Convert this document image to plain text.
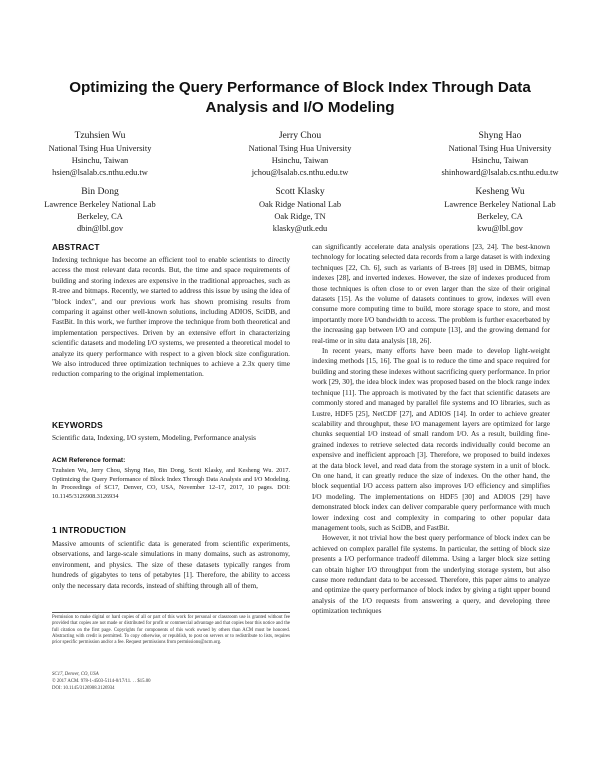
Optimizing the Query Performance of Block Index Through Data Analysis and I/O Modeling
Tzuhsien Wu
National Tsing Hua University
Hsinchu, Taiwan
hsien@lsalab.cs.nthu.edu.tw
Jerry Chou
National Tsing Hua University
Hsinchu, Taiwan
jchou@lsalab.cs.nthu.edu.tw
Shyng Hao
National Tsing Hua University
Hsinchu, Taiwan
shinhoward@lsalab.cs.nthu.edu.tw
Bin Dong
Lawrence Berkeley National Lab
Berkeley, CA
dbin@lbl.gov
Scott Klasky
Oak Ridge National Lab
Oak Ridge, TN
klasky@utk.edu
Kesheng Wu
Lawrence Berkeley National Lab
Berkeley, CA
kwu@lbl.gov
ABSTRACT
Indexing technique has become an efficient tool to enable scientists to directly access the most relevant data records. But, the time and space requirements of building and storing indexes are expensive in the traditional approaches, such as R-tree and bitmaps. Recently, we started to address this issue by using the idea of "block index", and our previous work has shown promising results from comparing it against other well-known solutions, including ADIOS, SciDB, and FastBit. In this work, we further improve the technique from both theoretical and implementation perspectives. Driven by an extensive effort in characterizing scientific datasets and modeling I/O systems, we presented a theoretical model to analyze its query performance with respect to a given block size configuration. We also introduced three optimization techniques to achieve a 2.3x query time reduction comparing to the original implementation.
KEYWORDS
Scientific data, Indexing, I/O system, Modeling, Performance analysis
ACM Reference format:
Tzuhsien Wu, Jerry Chou, Shyng Hao, Bin Dong, Scott Klasky, and Kesheng Wu. 2017. Optimizing the Query Performance of Block Index Through Data Analysis and I/O Modeling. In Proceedings of SC17, Denver, CO, USA, November 12–17, 2017, 10 pages. DOI: 10.1145/3126908.3126934
1 INTRODUCTION
Massive amounts of scientific data is generated from scientific experiments, observations, and large-scale simulations in many domains, such as astronomy, environment, and physics. The size of these datasets typically ranges from hundreds of gigabytes to tens of petabytes [1]. Therefore, the ability to access only the necessary data records, instead of shifting through all of them,
Permission to make digital or hard copies of all or part of this work for personal or classroom use is granted without fee provided that copies are not made or distributed for profit or commercial advantage and that copies bear this notice and the full citation on the first page. Copyrights for components of this work owned by others than ACM must be honored. Abstracting with credit is permitted. To copy otherwise, or republish, to post on servers or to redistribute to lists, requires prior specific permission and/or a fee. Request permissions from permissions@acm.org.
SC17, Denver, CO, USA
© 2017 ACM. 978-1-4503-5114-0/17/11. . . $15.00
DOI: 10.1145/3126908.3126934

can significantly accelerate data analysis operations [23, 24]. The best-known technology for locating selected data records from a large dataset is with indexing techniques [22, Ch. 6], such as variants of B-trees [8] used in DBMS, bitmap indexes [28], and inverted indexes. However, the size of indexes produced from those techniques is often close to or even larger than the size of their original datasets [15]. As the volume of datasets continues to grow, indexes will even consume more computing time to build, more storage space to store, and most importantly more I/O bandwidth to access. The problem is further exacerbated by the increasing gap between I/O and compute [13], and the growing demand for real-time or in situ data analysis [18, 26].

In recent years, many efforts have been made to develop light-weight indexing methods [15, 16]. The goal is to reduce the time and space required for building and storing these indexes without sacrificing query performance. In prior work [29, 30], the idea block index was proposed based on the block range index technique [11]. The approach is motivated by the fact that scientific datasets are commonly stored and managed by parallel file systems and IO libraries, such as Lustre, HDF5 [25], NetCDF [27], and ADIOS [14]. In order to achieve greater scalability and throughput, these I/O management layers are optimized for large chunks sequential I/O instead of small random I/O. As a result, building fine-grained indexes to retrieve selected data records individually could become an expensive and inefficient approach [3]. Therefore, we proposed to build indexes at the data block level, and read data from the storage system in a unit of block. On one hand, it can greatly reduce the size of indexes. On the other hand, the block sequential I/O access pattern also improves I/O efficiency and simplifies I/O modeling. The implementations on HDF5 [30] and ADIOS [29] have demonstrated block index can deliver comparable query performance with much lower indexing cost and complexity in comparing to other popular data management tools, such as SciDB, and FastBit.

However, it not trivial how the best query performance of block index can be achieved on complex parallel file systems. In particular, the setting of block size presents a I/O performance tradeoff dilemma. Using a larger block size setting can obtain higher I/O throughput from the underlying storage system, but also cause more redundant data to be accessed. Therefore, this paper aims to analyze and optimize the query performance of block index by giving a tight upper bound analysis of the I/O requests from answering a query, and developing three optimization techniques
